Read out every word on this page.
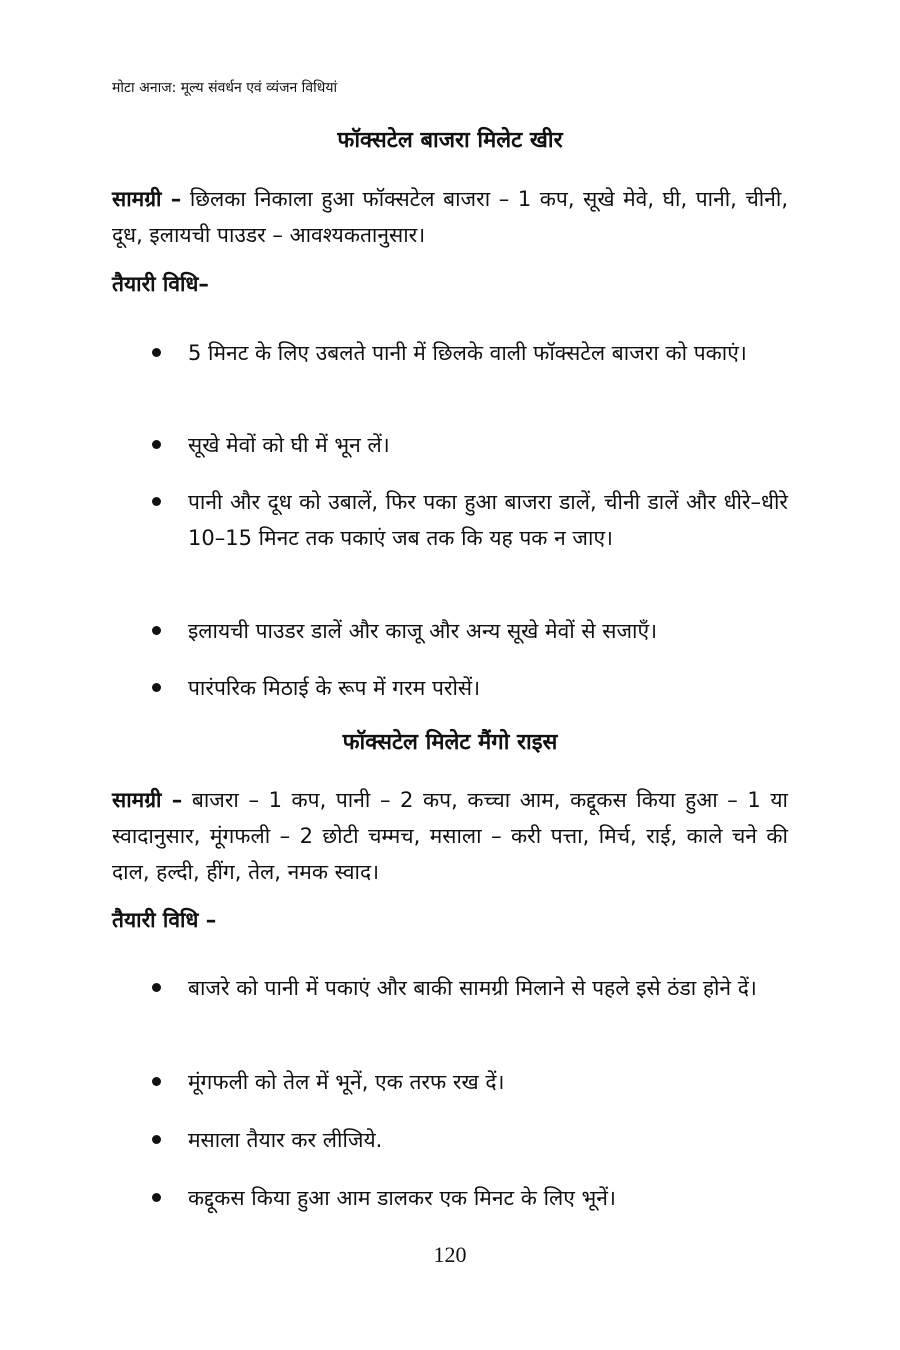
मोटा अनाज: मूल्य संवर्धन एवं व्यंजन विधियां
फॉक्सटेल बाजरा मिलेट खीर

सामग्री – छिलका निकाला हुआ फॉक्सटेल बाजरा – 1 कप, सूखे मेवे, घी, पानी, चीनी, दूध, इलायची पाउडर – आवश्यकतानुसार।

तैयारी विधि–
5 मिनट के लिए उबलते पानी में छिलके वाली फॉक्सटेल बाजरा को पकाएं।
सूखे मेवों को घी में भून लें।
पानी और दूध को उबालें, फिर पका हुआ बाजरा डालें, चीनी डालें और धीरे–धीरे 10–15 मिनट तक पकाएं जब तक कि यह पक न जाए।
इलायची पाउडर डालें और काजू और अन्य सूखे मेवों से सजाएँ।
पारंपरिक मिठाई के रूप में गरम परोसें।
फॉक्सटेल मिलेट मैंगो राइस

सामग्री – बाजरा – 1 कप, पानी – 2 कप, कच्चा आम, कद्दूकस किया हुआ – 1 या स्वादानुसार, मूंगफली – 2 छोटी चम्मच, मसाला – करी पत्ता, मिर्च, राई, काले चने की दाल, हल्दी, हींग, तेल, नमक स्वाद।

तैयारी विधि –
बाजरे को पानी में पकाएं और बाकी सामग्री मिलाने से पहले इसे ठंडा होने दें।
मूंगफली को तेल में भूनें, एक तरफ रख दें।
मसाला तैयार कर लीजिये.
कद्दूकस किया हुआ आम डालकर एक मिनट के लिए भूनें।
120
